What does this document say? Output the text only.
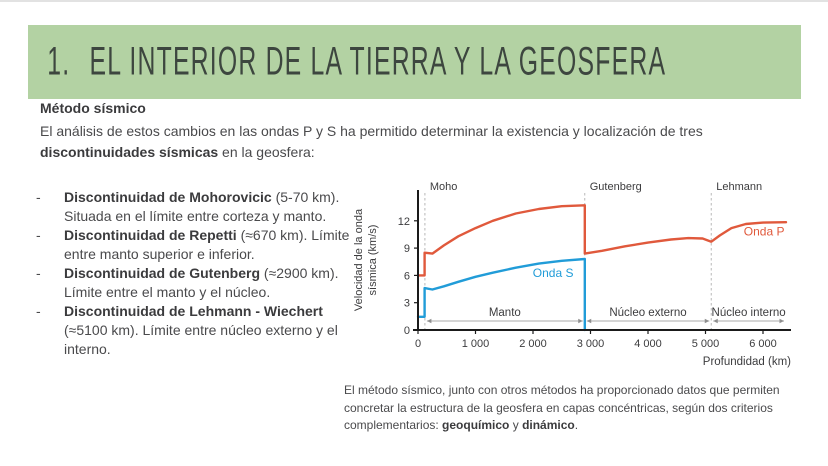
1. EL INTERIOR DE LA TIERRA Y LA GEOSFERA
Método sísmico

El análisis de estos cambios en las ondas P y S ha permitido determinar la existencia y localización de tres discontinuidades sísmicas en la geosfera:

-	Discontinuidad de Mohorovicic (5-70 km). Situada en el límite entre corteza y manto.
-	Discontinuidad de Repetti (≈670 km). Límite entre manto superior e inferior.
-	Discontinuidad de Gutenberg (≈2900 km). Límite entre el manto y el núcleo.
-	Discontinuidad de Lehmann - Wiechert (≈5100 km). Límite entre núcleo externo y el interno.
Moho	Gutenberg	Lehmann
Manto	Núcleo externo Núcleo interno
Onda P
Onda S
0
3
6
9
12
0	1 000	2 000	3 000	4 000	5 000	6 000
Profundidad (km)
Velocidad de la onda sísmica (km/s)

El método sísmico, junto con otros métodos ha proporcionado datos que permiten concretar la estructura de la geosfera en capas concéntricas, según dos criterios complementarios: geoquímico y dinámico.
